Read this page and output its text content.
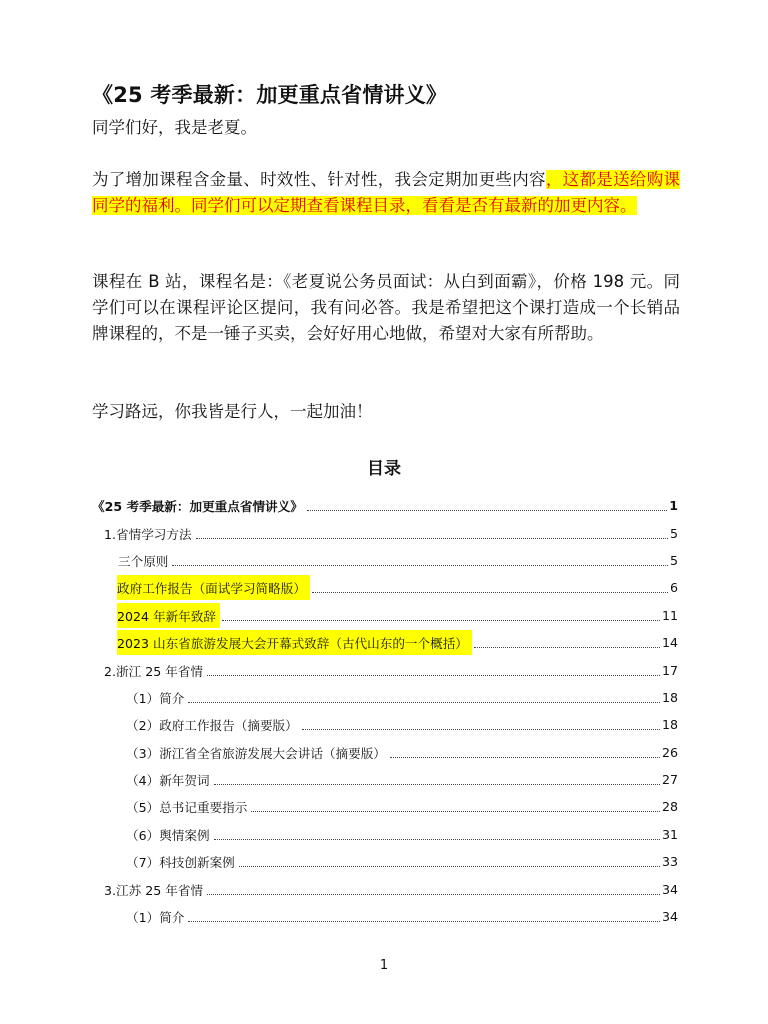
《25 考季最新：加更重点省情讲义》

同学们好，我是老夏。

为了增加课程含金量、时效性、针对性，我会定期加更些内容，这都是送给购课同学的福利。同学们可以定期查看课程目录，看看是否有最新的加更内容。

课程在 B 站，课程名是：《老夏说公务员面试：从白到面霸》，价格 198 元。同学们可以在课程评论区提问，我有问必答。我是希望把这个课打造成一个长销品牌课程的，不是一锤子买卖，会好好用心地做，希望对大家有所帮助。

学习路远，你我皆是行人，一起加油！

目录
《25 考季最新：加更重点省情讲义》	1
1.省情学习方法	5
三个原则	5
政府工作报告（面试学习简略版）	6
2024 年新年致辞	11
2023 山东省旅游发展大会开幕式致辞（古代山东的一个概括）	14
2.浙江 25 年省情	17
（1）简介	18
（2）政府工作报告（摘要版）	18
（3）浙江省全省旅游发展大会讲话（摘要版）	26
（4）新年贺词	27
（5）总书记重要指示	28
（6）舆情案例	31
（7）科技创新案例	33
3.江苏 25 年省情	34
（1）简介	34

1
